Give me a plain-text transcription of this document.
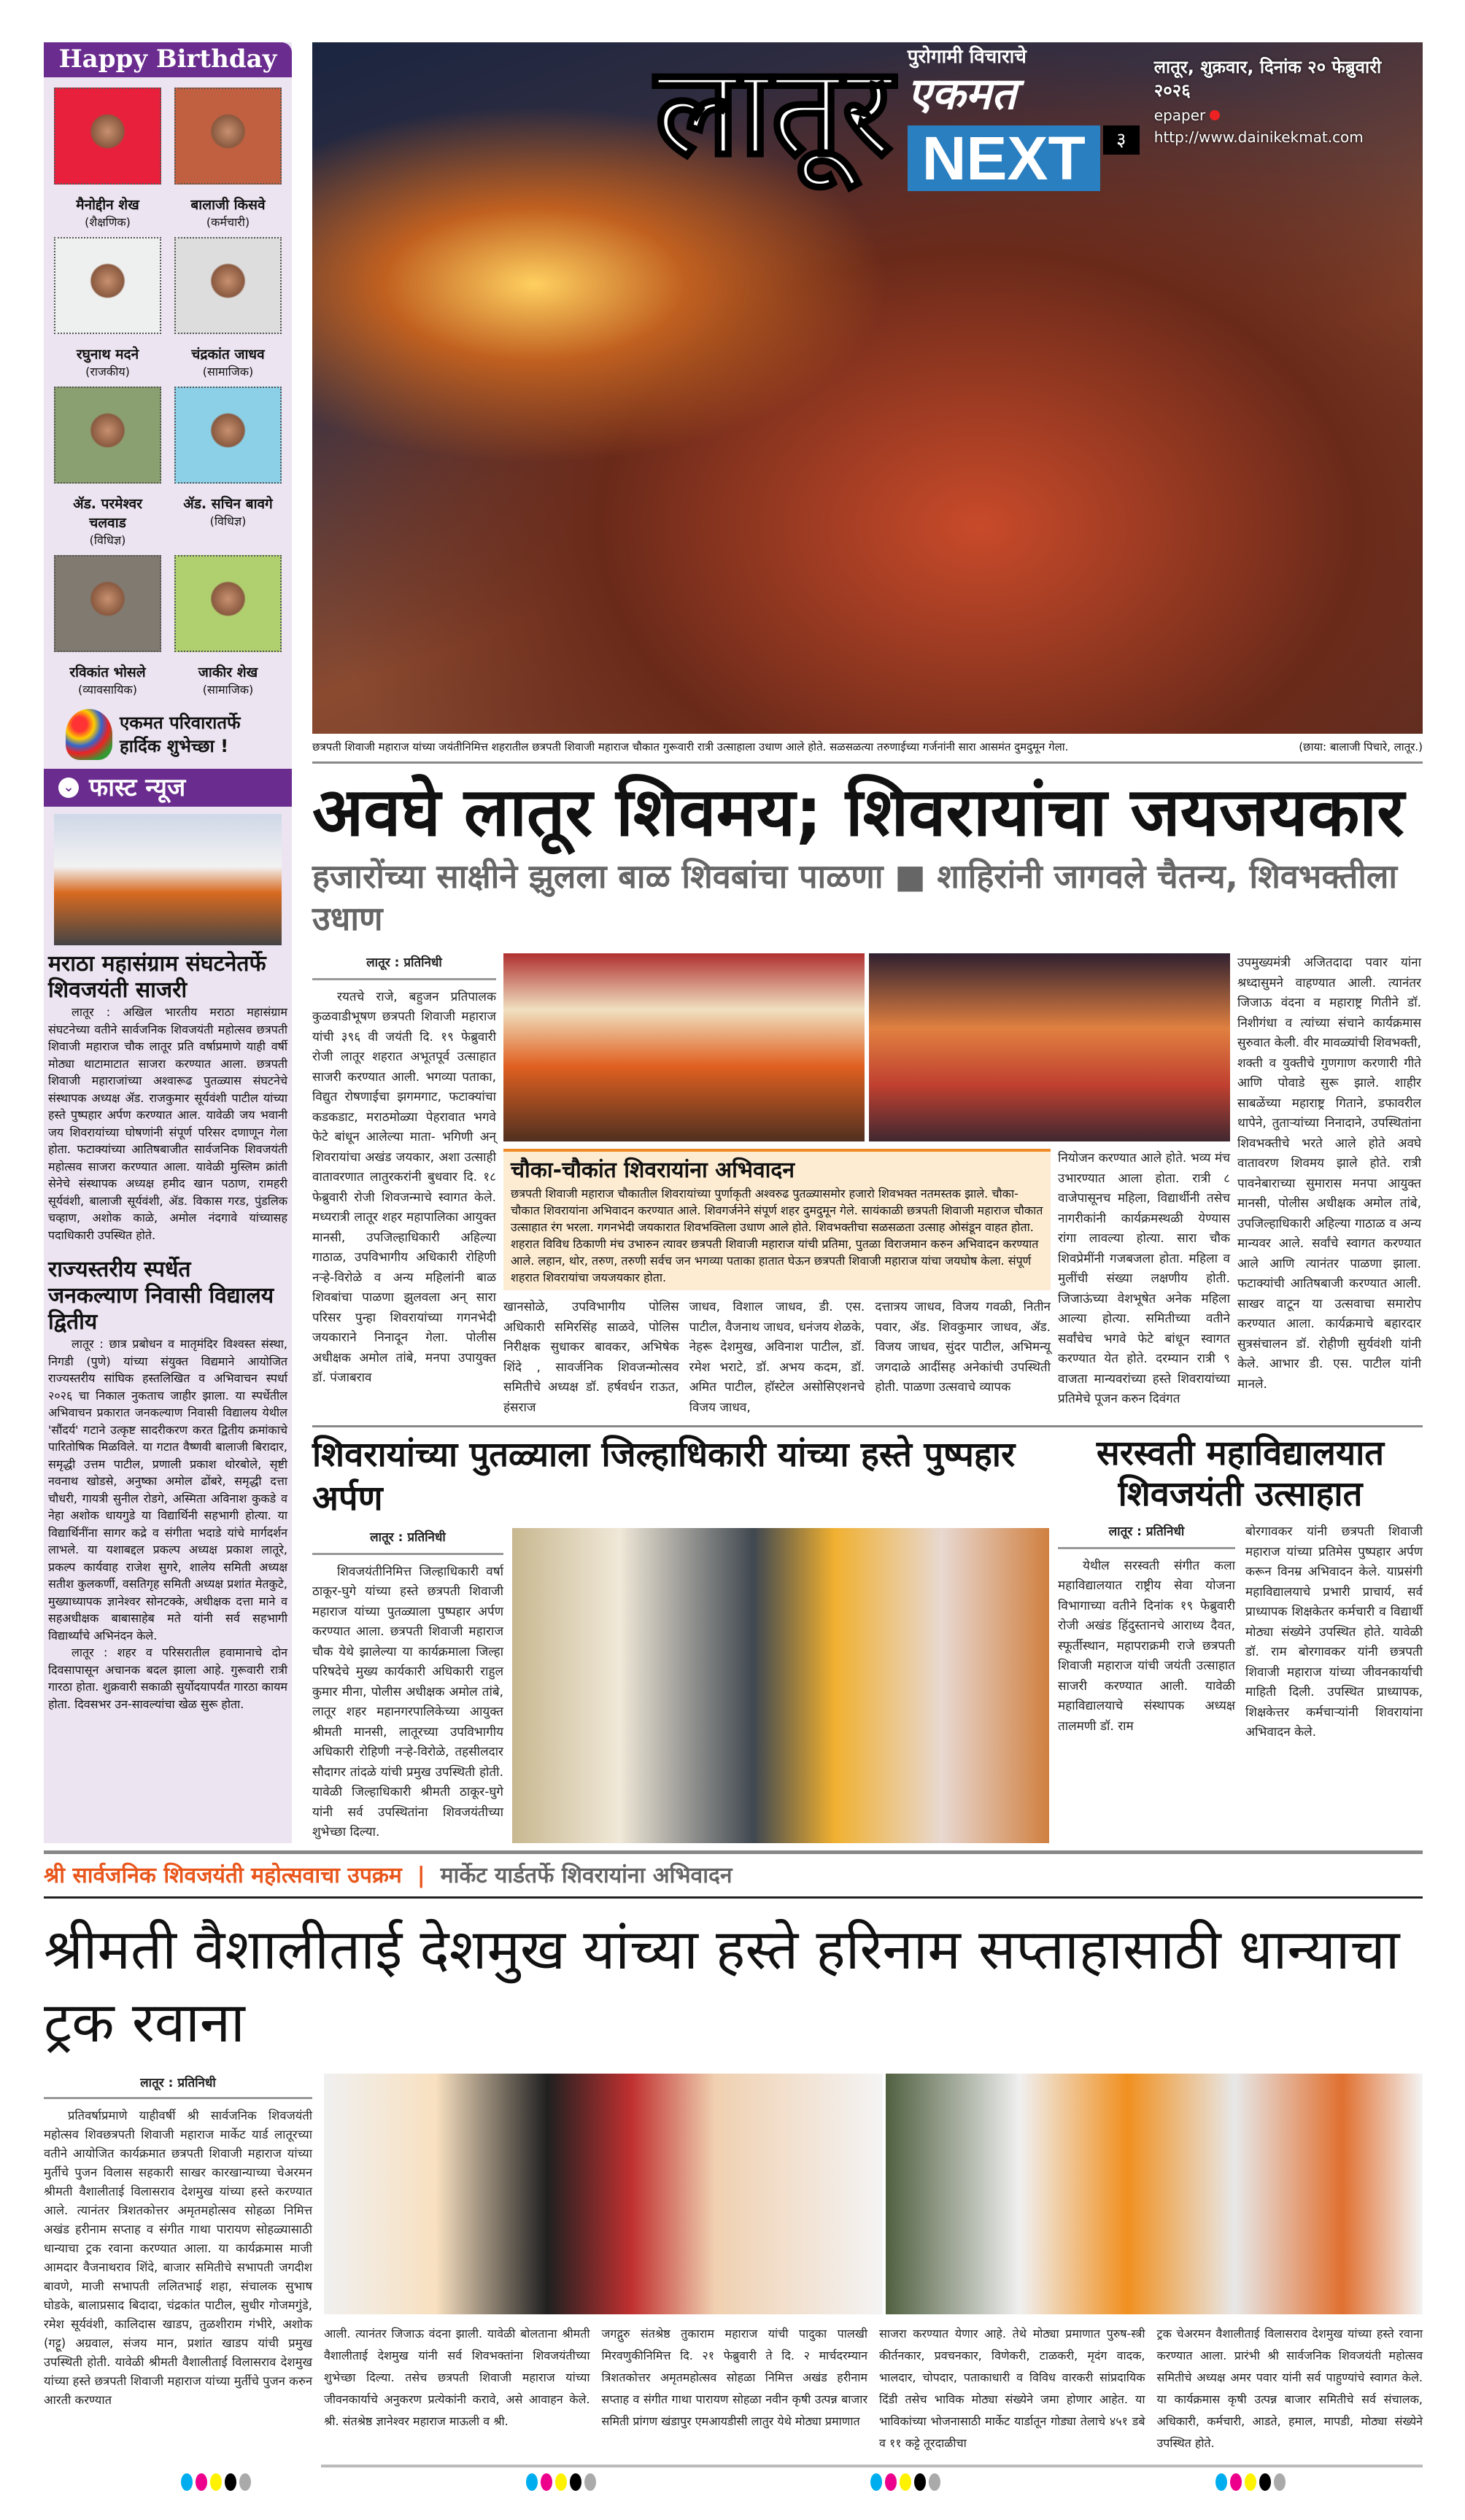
Happy Birthday
मैनोद्दीन शेख
(शैक्षणिक)
बालाजी किसवे
(कर्मचारी)
रघुनाथ मदने
(राजकीय)
चंद्रकांत जाधव
(सामाजिक)
ॲड. परमेश्वर चलवाड
(विधिज्ञ)
ॲड. सचिन बावगे
(विधिज्ञ)
रविकांत भोसले
(व्यावसायिक)
जाकीर शेख
(सामाजिक)
एकमत परिवारातर्फे
हार्दिक शुभेच्छा !
⌄ फास्ट न्यूज
मराठा महासंग्राम संघटनेतर्फे शिवजयंती साजरी

लातूर : अखिल भारतीय मराठा महासंग्राम संघटनेच्या वतीने सार्वजनिक शिवजयंती महोत्सव छत्रपती शिवाजी महाराज चौक लातूर प्रति वर्षाप्रमाणे याही वर्षी मोठ्या थाटामाटात साजरा करण्यात आला. छत्रपती शिवाजी महाराजांच्या अश्वारूढ पुतळ्यास संघटनेचे संस्थापक अध्यक्ष ॲड. राजकुमार सूर्यवंशी पाटील यांच्या हस्ते पुष्पहार अर्पण करण्यात आल. यावेळी जय भवानी जय शिवरायांच्या घोषणांनी संपूर्ण परिसर दणाणून गेला होता. फटाक्यांच्या आतिषबाजीत सार्वजनिक शिवजयंती महोत्सव साजरा करण्यात आला. यावेळी मुस्लिम क्रांती सेनेचे संस्थापक अध्यक्ष हमीद खान पठाण, रामहरी सूर्यवंशी, बालाजी सूर्यवंशी, ॲड. विकास गरड, पुंडलिक चव्हाण, अशोक काळे, अमोल नंदगावे यांच्यासह पदाधिकारी उपस्थित होते.

राज्यस्तरीय स्पर्धेत जनकल्याण निवासी विद्यालय द्वितीय

लातूर : छात्र प्रबोधन व मातृमंदिर विश्वस्त संस्था, निगडी (पुणे) यांच्या संयुक्त विद्यमाने आयोजित राज्यस्तरीय सांघिक हस्तलिखित व अभिवाचन स्पर्धा २०२६ चा निकाल नुकताच जाहीर झाला. या स्पर्धेतील अभिवाचन प्रकारात जनकल्याण निवासी विद्यालय येथील 'सौंदर्य' गटाने उत्कृष्ट सादरीकरण करत द्वितीय क्रमांकाचे पारितोषिक मिळविले. या गटात वैष्णवी बालाजी बिरादार, समृद्धी उत्तम पाटील, प्रणाली प्रकाश थोरबोले, सृष्टी नवनाथ खोडसे, अनुष्का अमोल ढोंबरे, समृद्धी दत्ता चौधरी, गायत्री सुनील रोडगे, अस्मिता अविनाश कुकडे व नेहा अशोक धायगुडे या विद्यार्थिनी सहभागी होत्या. या विद्यार्थिनींना सागर कद्रे व संगीता भदाडे यांचे मार्गदर्शन लाभले. या यशाबद्दल प्रकल्प अध्यक्ष प्रकाश लातूरे, प्रकल्प कार्यवाह राजेश सुगरे, शालेय समिती अध्यक्ष सतीश कुलकर्णी, वसतिगृह समिती अध्यक्ष प्रशांत मेतकुटे, मुख्याध्यापक ज्ञानेश्वर सोनटक्के, अधीक्षक दत्ता माने व सहअधीक्षक बाबासाहेब मते यांनी सर्व सहभागी विद्यार्थ्यांचे अभिनंदन केले.

लातूर : शहर व परिसरातील हवामानाचे दोन दिवसापासून अचानक बदल झाला आहे. गुरूवारी रात्री गारठा होता. शुक्रवारी सकाळी सुर्योदयापर्यंत गारठा कायम होता. दिवसभर उन-सावल्यांचा खेळ सुरू होता.

लातूर पुरोगामी विचाराचे
एकमत
NEXT	३
लातूर, शुक्रवार, दिनांक २० फेब्रुवारी २०२६
epaper
http://www.dainikekmat.com
छत्रपती शिवाजी महाराज यांच्या जयंतीनिमित्त शहरातील छत्रपती शिवाजी महाराज चौकात गुरूवारी रात्री उत्साहाला उधाण आले होते. सळसळत्या तरुणाईच्या गर्जनांनी सारा आसमंत दुमदुमून गेला.	(छाया: बालाजी पिचारे, लातूर.)
अवघे लातूर शिवमय; शिवरायांचा जयजयकार
हजारोंच्या साक्षीने झुलला बाळ शिवबांचा पाळणा ■ शाहिरांनी जागवले चैतन्य, शिवभक्तीला उधाण
लातूर : प्रतिनिधी

रयतचे राजे, बहुजन प्रतिपालक कुळवाडीभूषण छत्रपती शिवाजी महाराज यांची ३९६ वी जयंती दि. १९ फेब्रुवारी रोजी लातूर शहरात अभूतपूर्व उत्साहात साजरी करण्यात आली. भगव्या पताका, विद्युत रोषणाईचा झगमगाट, फटाक्यांचा कडकडाट, मराठमोळ्या पेहरावात भगवे फेटे बांधून आलेल्या माता- भगिणी अन् शिवरायांचा अखंड जयकार, अशा उत्साही वातावरणात लातुरकरांनी बुधवार दि. १८ फेब्रुवारी रोजी शिवजन्माचे स्वागत केले. मध्यरात्री लातूर शहर महापालिका आयुक्त मानसी, उपजिल्हाधिकारी अहिल्या गाठाळ, उपविभागीय अधिकारी रोहिणी नऱ्हे-विरोळे व अन्य महिलांनी बाळ शिवबांचा पाळणा झुलवला अन् सारा परिसर पुन्हा शिवरायांच्या गगनभेदी जयकाराने निनादून गेला. पोलीस अधीक्षक अमोल तांबे, मनपा उपायुक्त डॉ. पंजाबराव

चौका-चौकांत शिवरायांना अभिवादन
छत्रपती शिवाजी महाराज चौकातील शिवरायांच्या पुर्णाकृती अश्वरुढ पुतळ्यासमोर हजारो शिवभक्त नतमस्तक झाले. चौका-चौकात शिवरायांना अभिवादन करण्यात आले. शिवगर्जनेने संपूर्ण शहर दुमदुमून गेले. सायंकाळी छत्रपती शिवाजी महाराज चौकात उत्साहात रंग भरला. गगनभेदी जयकारात शिवभक्तिला उधाण आले होते. शिवभक्तीचा सळसळता उत्साह ओसंडून वाहत होता. शहरात विविध ठिकाणी मंच उभारुन त्यावर छत्रपती शिवाजी महाराज यांची प्रतिमा, पुतळा विराजमान करुन अभिवादन करण्यात आले. लहान, थोर, तरुण, तरुणी सर्वच जन भगव्या पताका हातात घेऊन छत्रपती शिवाजी महाराज यांचा जयघोष केला. संपूर्ण शहरात शिवरायांचा जयजयकार होता.
खानसोळे, उपविभागीय पोलिस अधिकारी समिरसिंह साळवे, पोलिस निरीक्षक सुधाकर बावकर, अभिषेक शिंदे , सावर्जनिक शिवजन्मोत्सव समितीचे अध्यक्ष डॉ. हर्षवर्धन राऊत, हंसराज
जाधव, विशाल जाधव, डी. एस. पाटील, वैजनाथ जाधव, धनंजय शेळके, नेहरू देशमुख, अविनाश पाटील, डॉ. रमेश भराटे, डॉ. अभय कदम, डॉ. अमित पाटील, हॉस्टेल असोसिएशनचे विजय जाधव,
दत्तात्रय जाधव, विजय गवळी, नितीन पवार, ॲड. शिवकुमार जाधव, ॲड. विजय जाधव, सुंदर पाटील, अभिमन्यू जगदाळे आदींसह अनेकांची उपस्थिती होती. पाळणा उत्सवाचे व्यापक
नियोजन करण्यात आले होते. भव्य मंच उभारण्यात आला होता. रात्री ८ वाजेपासूनच महिला, विद्यार्थीनी तसेच नागरीकांनी कार्यक्रमस्थळी येण्यास रांगा लावल्या होत्या. सारा चौक शिवप्रेमींनी गजबजला होता. महिला व मुलींची संख्या लक्षणीय होती. जिजाऊंच्या वेशभूषेत अनेक महिला आल्या होत्या. समितीच्या वतीने सर्वांचेच भगवे फेटे बांधून स्वागत करण्यात येत होते. दरम्यान रात्री ९ वाजता मान्यवरांच्या हस्ते शिवरायांच्या प्रतिमेचे पूजन करुन दिवंगत
उपमुख्यमंत्री अजितदादा पवार यांना श्रध्दासुमने वाहण्यात आली. त्यानंतर जिजाऊ वंदना व महाराष्ट्र गितीने डॉ. निशीगंधा व त्यांच्या संचाने कार्यक्रमास सुरुवात केली. वीर मावळ्यांची शिवभक्ती, शक्ती व युक्तीचे गुणगाण करणारी गीते आणि पोवाडे सुरू झाले. शाहीर साबळेंच्या महाराष्ट्र गिताने, डफावरील थापेने, तुताऱ्यांच्या निनादाने, उपस्थितांना शिवभक्तीचे भरते आले होते अवघे वातावरण शिवमय झाले होते. रात्री पावनेबाराच्या सुमारास मनपा आयुक्त मानसी, पोलीस अधीक्षक अमोल तांबे, उपजिल्हाधिकारी अहिल्या गाठाळ व अन्य मान्यवर आले. सर्वांचे स्वागत करण्यात आले आणि त्यानंतर पाळणा झाला. फटाक्यांची आतिषबाजी करण्यात आली. साखर वाटून या उत्सवाचा समारोप करण्यात आला. कार्यक्रमाचे बहारदार सुत्रसंचालन डॉ. रोहीणी सुर्यवंशी यांनी केले. आभार डी. एस. पाटील यांनी मानले.
शिवरायांच्या पुतळ्याला जिल्हाधिकारी यांच्या हस्ते पुष्पहार अर्पण
लातूर : प्रतिनिधी

शिवजयंतीनिमित्त जिल्हाधिकारी वर्षा ठाकूर-घुगे यांच्या हस्ते छत्रपती शिवाजी महाराज यांच्या पुतळ्याला पुष्पहार अर्पण करण्यात आला. छत्रपती शिवाजी महाराज चौक येथे झालेल्या या कार्यक्रमाला जिल्हा परिषदेचे मुख्य कार्यकारी अधिकारी राहुल कुमार मीना, पोलीस अधीक्षक अमोल तांबे, लातूर शहर महानगरपालिकेच्या आयुक्त श्रीमती मानसी, लातूरच्या उपविभागीय अधिकारी रोहिणी नऱ्हे-विरोळे, तहसीलदार सौदागर तांदळे यांची प्रमुख उपस्थिती होती. यावेळी जिल्हाधिकारी श्रीमती ठाकूर-घुगे यांनी सर्व उपस्थितांना शिवजयंतीच्या शुभेच्छा दिल्या.

सरस्वती महाविद्यालयात शिवजयंती उत्साहात
लातूर : प्रतिनिधी

येथील सरस्वती संगीत कला महाविद्यालयात राष्ट्रीय सेवा योजना विभागाच्या वतीने दिनांक १९ फेब्रुवारी रोजी अखंड हिंदुस्तानचे आराध्य दैवत, स्फूर्तीस्थान, महापराक्रमी राजे छत्रपती शिवाजी महाराज यांची जयंती उत्साहात साजरी करण्यात आली. यावेळी महाविद्यालयाचे संस्थापक अध्यक्ष तालमणी डॉ. राम

बोरगावकर यांनी छत्रपती शिवाजी महाराज यांच्या प्रतिमेस पुष्पहार अर्पण करून विनम्र अभिवादन केले. याप्रसंगी महाविद्यालयाचे प्रभारी प्राचार्य, सर्व प्राध्यापक शिक्षकेतर कर्मचारी व विद्यार्थी मोठ्या संख्येने उपस्थित होते. यावेळी डॉ. राम बोरगावकर यांनी छत्रपती शिवाजी महाराज यांच्या जीवनकार्याची माहिती दिली. उपस्थित प्राध्यापक, शिक्षकेत्तर कर्मचाऱ्यांनी शिवरायांना अभिवादन केले.
श्री सार्वजनिक शिवजयंती महोत्सवाचा उपक्रम  |  मार्केट यार्डतर्फे शिवरायांना अभिवादन
श्रीमती वैशालीताई देशमुख यांच्या हस्ते हरिनाम सप्ताहासाठी धान्याचा ट्रक रवाना
लातूर : प्रतिनिधी

प्रतिवर्षाप्रमाणे याहीवर्षी श्री सार्वजनिक शिवजयंती महोत्सव शिवछत्रपती शिवाजी महाराज मार्केट यार्ड लातूरच्या वतीने आयोजित कार्यक्रमात छत्रपती शिवाजी महाराज यांच्या मुर्तीचे पुजन विलास सहकारी साखर कारखान्याच्या चेअरमन श्रीमती वैशालीताई विलासराव देशमुख यांच्या हस्ते करण्यात आले. त्यानंतर त्रिशतकोत्तर अमृतमहोत्सव सोहळा निमित्त अखंड हरीनाम सप्ताह व संगीत गाथा पारायण सोहळ्यासाठी धान्याचा ट्रक रवाना करण्यात आला. या कार्यक्रमास माजी आमदार वैजनाथराव शिंदे, बाजार समितीचे सभापती जगदीश बावणे, माजी सभापती ललितभाई शहा, संचालक सुभाष घोडके, बालाप्रसाद बिदादा, चंद्रकांत पाटील, सुधीर गोजमगुंडे, रमेश सूर्यवंशी, कालिदास खाडप, तुळशीराम गंभीरे, अशोक (गट्टू) अग्रवाल, संजय मान, प्रशांत खाडप यांची प्रमुख उपस्थिती होती. यावेळी श्रीमती वैशालीताई विलासराव देशमुख यांच्या हस्ते छत्रपती शिवाजी महाराज यांच्या मुर्तीचे पुजन करुन आरती करण्यात

आली. त्यानंतर जिजाऊ वंदना झाली. यावेळी बोलताना श्रीमती वैशालीताई देशमुख यांनी सर्व शिवभक्तांना शिवजयंतीच्या शुभेच्छा दिल्या. तसेच छत्रपती शिवाजी महाराज यांच्या जीवनकार्याचे अनुकरण प्रत्येकांनी करावे, असे आवाहन केले. श्री. संतश्रेष्ठ ज्ञानेश्वर महाराज माऊली व श्री.
जगद्गुरु संतश्रेष्ठ तुकाराम महाराज यांची पादुका पालखी मिरवणुकीनिमित्त दि. २१ फेब्रुवारी ते दि. २ मार्चदरम्यान त्रिशतकोत्तर अमृतमहोत्सव सोहळा निमित्त अखंड हरीनाम सप्ताह व संगीत गाथा पारायण सोहळा नवीन कृषी उत्पन्न बाजार समिती प्रांगण खंडापुर एमआयडीसी लातुर येथे मोठ्या प्रमाणात
साजरा करण्यात येणार आहे. तेथे मोठ्या प्रमाणात पुरुष-स्त्री कीर्तनकार, प्रवचनकार, विणेकरी, टाळकरी, मृदंग वादक, भालदार, चोपदार, पताकाधारी व विविध वारकरी सांप्रदायिक दिंडी तसेच भाविक मोठ्या संख्येने जमा होणार आहेत. या भाविकांच्या भोजनासाठी मार्केट यार्डातून गोड्या तेलाचे ४५१ डबे व ११ कट्टे तूरदाळीचा
ट्रक चेअरमन वैशालीताई विलासराव देशमुख यांच्या हस्ते रवाना करण्यात आला. प्रारंभी श्री सार्वजनिक शिवजयंती महोत्सव समितीचे अध्यक्ष अमर पवार यांनी सर्व पाहुण्यांचे स्वागत केले. या कार्यक्रमास कृषी उत्पन्न बाजार समितीचे सर्व संचालक, अधिकारी, कर्मचारी, आडते, हमाल, मापडी, मोठ्या संख्येने उपस्थित होते.
